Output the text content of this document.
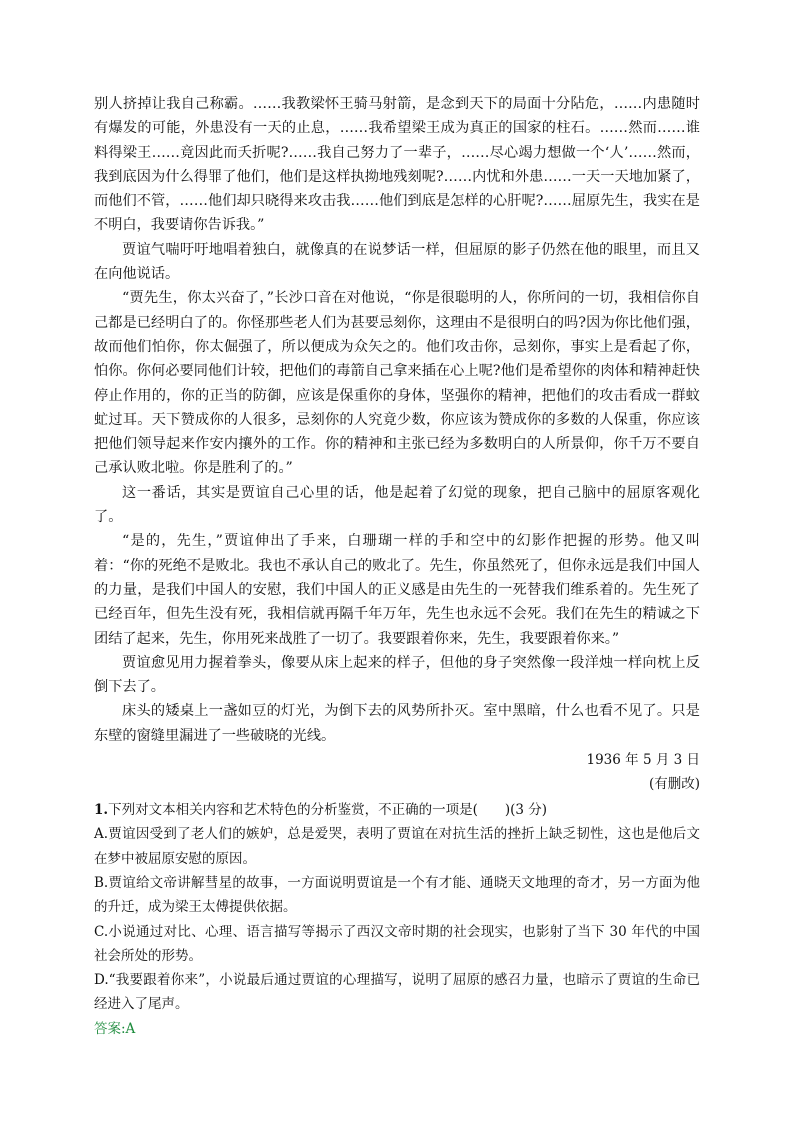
别人挤掉让我自己称霸。……我教梁怀王骑马射箭，是念到天下的局面十分阽危，……内患随时有爆发的可能，外患没有一天的止息，……我希望梁王成为真正的国家的柱石。……然而……谁料得梁王……竟因此而夭折呢?……我自己努力了一辈子，……尽心竭力想做一个‘人’……然而，我到底因为什么得罪了他们，他们是这样执拗地残刻呢?……内忧和外患……一天一天地加紧了，而他们不管，……他们却只晓得来攻击我……他们到底是怎样的心肝呢?……屈原先生，我实在是不明白，我要请你告诉我。”

贾谊气喘吁吁地唱着独白，就像真的在说梦话一样，但屈原的影子仍然在他的眼里，而且又在向他说话。

“贾先生，你太兴奋了，”长沙口音在对他说，“你是很聪明的人，你所问的一切，我相信你自己都是已经明白了的。你怪那些老人们为甚要忌刻你，这理由不是很明白的吗?因为你比他们强，故而他们怕你，你太倔强了，所以便成为众矢之的。他们攻击你，忌刻你，事实上是看起了你，怕你。你何必要同他们计较，把他们的毒箭自己拿来插在心上呢?他们是希望你的肉体和精神赶快停止作用的，你的正当的防御，应该是保重你的身体，坚强你的精神，把他们的攻击看成一群蚊虻过耳。天下赞成你的人很多，忌刻你的人究竟少数，你应该为赞成你的多数的人保重，你应该把他们领导起来作安内攘外的工作。你的精神和主张已经为多数明白的人所景仰，你千万不要自己承认败北啦。你是胜利了的。”

这一番话，其实是贾谊自己心里的话，他是起着了幻觉的现象，把自己脑中的屈原客观化了。

“是的，先生，”贾谊伸出了手来，白珊瑚一样的手和空中的幻影作把握的形势。他又叫着：“你的死绝不是败北。我也不承认自己的败北了。先生，你虽然死了，但你永远是我们中国人的力量，是我们中国人的安慰，我们中国人的正义感是由先生的一死替我们维系着的。先生死了已经百年，但先生没有死，我相信就再隔千年万年，先生也永远不会死。我们在先生的精诚之下团结了起来，先生，你用死来战胜了一切了。我要跟着你来，先生，我要跟着你来。”

贾谊愈见用力握着拳头，像要从床上起来的样子，但他的身子突然像一段洋烛一样向枕上反倒下去了。

床头的矮桌上一盏如豆的灯光，为倒下去的风势所扑灭。室中黑暗，什么也看不见了。只是东壁的窗缝里漏进了一些破晓的光线。

1936 年 5 月 3 日

(有删改)

1.下列对文本相关内容和艺术特色的分析鉴赏，不正确的一项是(　　)(3 分)

A.贾谊因受到了老人们的嫉妒，总是爱哭，表明了贾谊在对抗生活的挫折上缺乏韧性，这也是他后文在梦中被屈原安慰的原因。

B.贾谊给文帝讲解彗星的故事，一方面说明贾谊是一个有才能、通晓天文地理的奇才，另一方面为他的升迁，成为梁王太傅提供依据。

C.小说通过对比、心理、语言描写等揭示了西汉文帝时期的社会现实，也影射了当下 30 年代的中国社会所处的形势。

D.“我要跟着你来”，小说最后通过贾谊的心理描写，说明了屈原的感召力量，也暗示了贾谊的生命已经进入了尾声。

答案:A
